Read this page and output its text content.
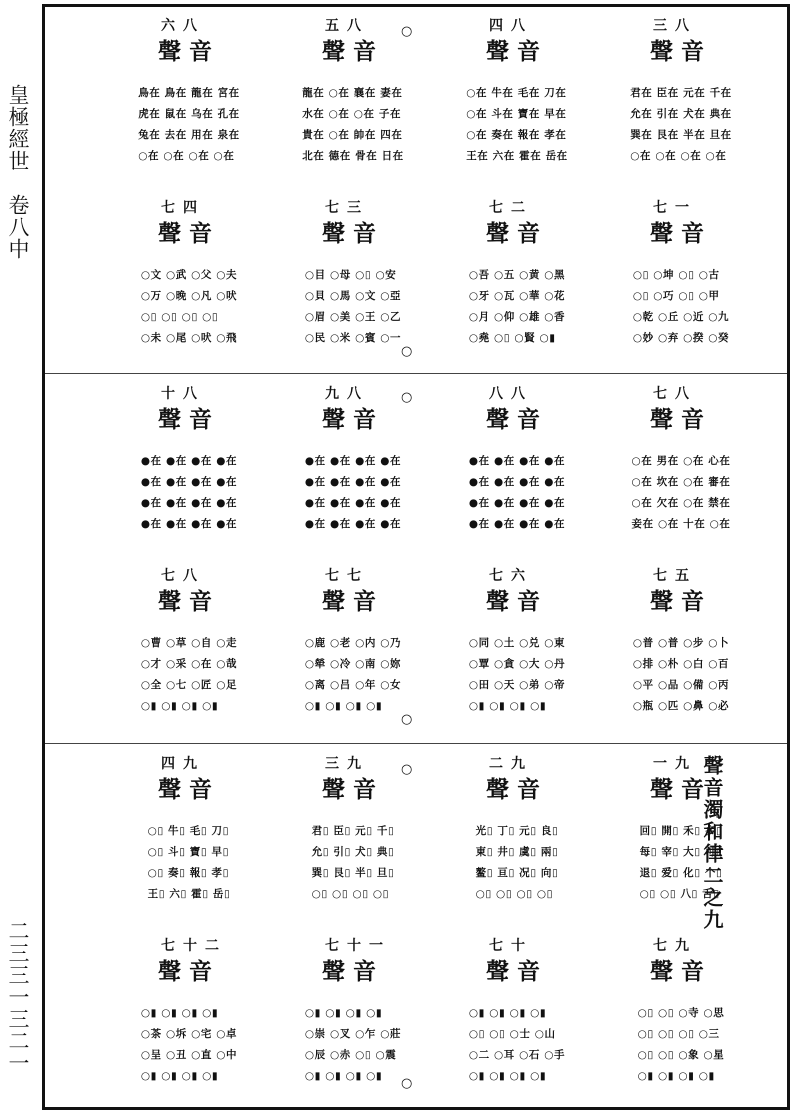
皇極經世　卷八中
二三三一三二一
○
○
○
○
○
○
聲音濁和律二之九
六八
聲音
鳥在 鳥在 龍在 宮在
虎在 鼠在 乌在 孔在
兔在 去在 用在 泉在
○在 ○在 ○在 ○在
五八
聲音
龍在 ○在 襄在 妻在
水在 ○在 ○在 子在
貴在 ○在 帥在 四在
北在 德在 骨在 日在
四八
聲音
○在 牛在 毛在 刀在
○在 斗在 寶在 早在
○在 奏在 報在 孝在
王在 六在 霍在 岳在
三八
聲音
君在 臣在 元在 千在
允在 引在 犬在 典在
巽在 艮在 半在 旦在
○在 ○在 ○在 ○在
七四
聲音
○文 ○武 ○父 ○夫
○万 ○晚 ○凡 ○吠
○▯ ○▯ ○▯ ○▯
○未 ○尾 ○吠 ○飛
七三
聲音
○目 ○母 ○▯ ○安
○貝 ○馬 ○文 ○亞
○眉 ○美 ○王 ○乙
○民 ○米 ○賓 ○一
七二
聲音
○吾 ○五 ○黄 ○黑
○牙 ○瓦 ○華 ○花
○月 ○仰 ○雄 ○香
○堯 ○▯ ○賢 ○▮
七一
聲音
○▯ ○坤 ○▯ ○古
○▯ ○巧 ○▯ ○甲
○乾 ○丘 ○近 ○九
○妙 ○弃 ○揆 ○癸
十八
聲音
●在 ●在 ●在 ●在
●在 ●在 ●在 ●在
●在 ●在 ●在 ●在
●在 ●在 ●在 ●在
九八
聲音
●在 ●在 ●在 ●在
●在 ●在 ●在 ●在
●在 ●在 ●在 ●在
●在 ●在 ●在 ●在
八八
聲音
●在 ●在 ●在 ●在
●在 ●在 ●在 ●在
●在 ●在 ●在 ●在
●在 ●在 ●在 ●在
七八
聲音
○在 男在 ○在 心在
○在 坎在 ○在 審在
○在 欠在 ○在 禁在
妾在 ○在 十在 ○在
七八
聲音
○曹 ○草 ○自 ○走
○才 ○采 ○在 ○哉
○全 ○七 ○匠 ○足
○▮ ○▮ ○▮ ○▮
七七
聲音
○鹿 ○老 ○内 ○乃
○犖 ○冷 ○南 ○妳
○离 ○吕 ○年 ○女
○▮ ○▮ ○▮ ○▮
七六
聲音
○同 ○土 ○兑 ○東
○覃 ○貪 ○大 ○丹
○田 ○天 ○弟 ○帝
○▮ ○▮ ○▮ ○▮
七五
聲音
○普 ○普 ○步 ○卜
○排 ○朴 ○白 ○百
○平 ○品 ○備 ○丙
○瓶 ○匹 ○鼻 ○必
四九
聲音
○▯ 牛▯ 毛▯ 刀▯
○▯ 斗▯ 寶▯ 早▯
○▯ 奏▯ 報▯ 孝▯
王▯ 六▯ 霍▯ 岳▯
三九
聲音
君▯ 臣▯ 元▯ 千▯
允▯ 引▯ 犬▯ 典▯
巽▯ 艮▯ 半▯ 旦▯
○▯ ○▯ ○▯ ○▯
二九
聲音
光▯ 丁▯ 元▯ 良▯
東▯ 井▯ 虞▯ 兩▯
鳌▯ 亘▯ 况▯ 向▯
○▯ ○▯ ○▯ ○▯
一九
聲音
回▯ 開▯ 禾▯ 多▯
每▯ 宰▯ 大▯ 可▯
退▯ 爱▯ 化▯ 个▯
○▯ ○▯ 八▯ 舌▯
七十二
聲音
○▮ ○▮ ○▮ ○▮
○茶 ○坼 ○宅 ○卓
○呈 ○丑 ○直 ○中
○▮ ○▮ ○▮ ○▮
七十一
聲音
○▮ ○▮ ○▮ ○▮
○崇 ○叉 ○乍 ○莊
○辰 ○赤 ○▯ ○震
○▮ ○▮ ○▮ ○▮
七十
聲音
○▮ ○▮ ○▮ ○▮
○▯ ○▯ ○士 ○山
○二 ○耳 ○石 ○手
○▮ ○▮ ○▮ ○▮
七九
聲音
○▯ ○▯ ○寺 ○思
○▯ ○▯ ○▯ ○三
○▯ ○▯ ○象 ○星
○▮ ○▮ ○▮ ○▮
